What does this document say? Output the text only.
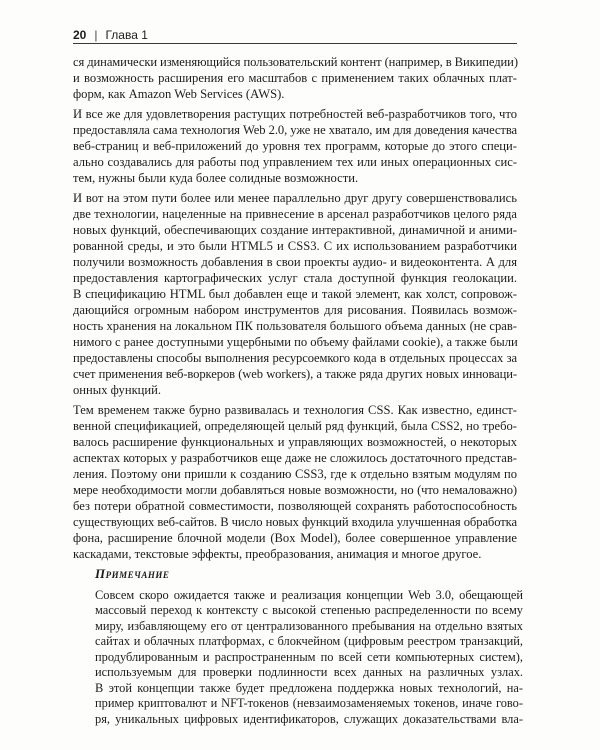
20 | Глава 1
ся динамически изменяющийся пользовательский контент (например, в Википедии)
и возможность расширения его масштабов с применением таких облачных плат-
форм, как Amazon Web Services (AWS).
И все же для удовлетворения растущих потребностей веб-разработчиков того, что
предоставляла сама технология Web 2.0, уже не хватало, им для доведения качества
веб-страниц и веб-приложений до уровня тех программ, которые до этого специ-
ально создавались для работы под управлением тех или иных операционных сис-
тем, нужны были куда более солидные возможности.
И вот на этом пути более или менее параллельно друг другу совершенствовались
две технологии, нацеленные на привнесение в арсенал разработчиков целого ряда
новых функций, обеспечивающих создание интерактивной, динамичной и аними-
рованной среды, и это были HTML5 и CSS3. С их использованием разработчики
получили возможность добавления в свои проекты аудио- и видеоконтента. А для
предоставления картографических услуг стала доступной функция геолокации.
В спецификацию HTML был добавлен еще и такой элемент, как холст, сопровож-
дающийся огромным набором инструментов для рисования. Появилась возмож-
ность хранения на локальном ПК пользователя большого объема данных (не срав-
нимого с ранее доступными ущербными по объему файлами cookie), а также были
предоставлены способы выполнения ресурсоемкого кода в отдельных процессах за
счет применения веб-воркеров (web workers), а также ряда других новых инноваци-
онных функций.
Тем временем также бурно развивалась и технология CSS. Как известно, единст-
венной спецификацией, определяющей целый ряд функций, была CSS2, но требо-
валось расширение функциональных и управляющих возможностей, о некоторых
аспектах которых у разработчиков еще даже не сложилось достаточного представ-
ления. Поэтому они пришли к созданию CSS3, где к отдельно взятым модулям по
мере необходимости могли добавляться новые возможности, но (что немаловажно)
без потери обратной совместимости, позволяющей сохранять работоспособность
существующих веб-сайтов. В число новых функций входила улучшенная обработка
фона, расширение блочной модели (Box Model), более совершенное управление
каскадами, текстовые эффекты, преобразования, анимация и многое другое.
Примечание
Совсем скоро ожидается также и реализация концепции Web 3.0, обещающей
массовый переход к контексту с высокой степенью распределенности по всему
миру, избавляющему его от централизованного пребывания на отдельно взятых
сайтах и облачных платформах, с блокчейном (цифровым реестром транзакций,
продублированным и распространенным по всей сети компьютерных систем),
используемым для проверки подлинности всех данных на различных узлах.
В этой концепции также будет предложена поддержка новых технологий, на-
пример криптовалют и NFT-токенов (невзаимозаменяемых токенов, иначе гово-
ря, уникальных цифровых идентификаторов, служащих доказательствами вла-
